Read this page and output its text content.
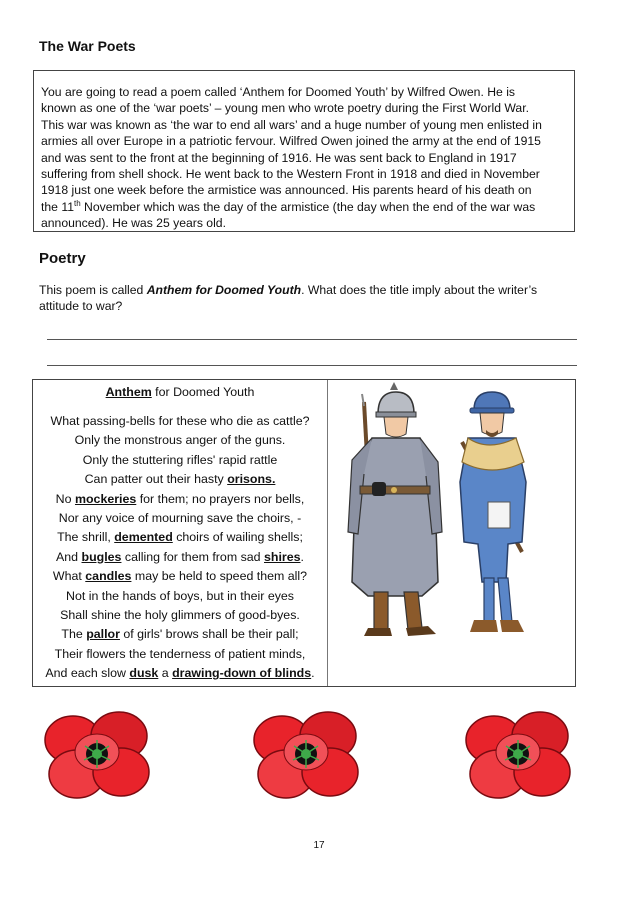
The War Poets

You are going to read a poem called ‘Anthem for Doomed Youth’ by Wilfred Owen. He is

known as one of the ‘war poets’ – young men who wrote poetry during the First World War.

This war was known as ‘the war to end all wars’ and a huge number of young men enlisted in

armies all over Europe in a patriotic fervour. Wilfred Owen joined the army at the end of 1915

and was sent to the front at the beginning of 1916. He was sent back to England in 1917

suffering from shell shock. He went back to the Western Front in 1918 and died in November

1918 just one week before the armistice was announced. His parents heard of his death on

the 11th November which was the day of the armistice (the day when the end of the war was

announced). He was 25 years old.

Poetry
This poem is called Anthem for Doomed Youth. What does the title imply about the writer’s
attitude to war?
Anthem for Doomed Youth
What passing-bells for these who die as cattle?
Only the monstrous anger of the guns.
Only the stuttering rifles' rapid rattle
Can patter out their hasty orisons.
No mockeries for them; no prayers nor bells,
Nor any voice of mourning save the choirs, -
The shrill, demented choirs of wailing shells;
And bugles calling for them from sad shires.
What candles may be held to speed them all?
Not in the hands of boys, but in their eyes
Shall shine the holy glimmers of good-byes.
The pallor of girls' brows shall be their pall;
Their flowers the tenderness of patient minds,
And each slow dusk a drawing-down of blinds.
17
